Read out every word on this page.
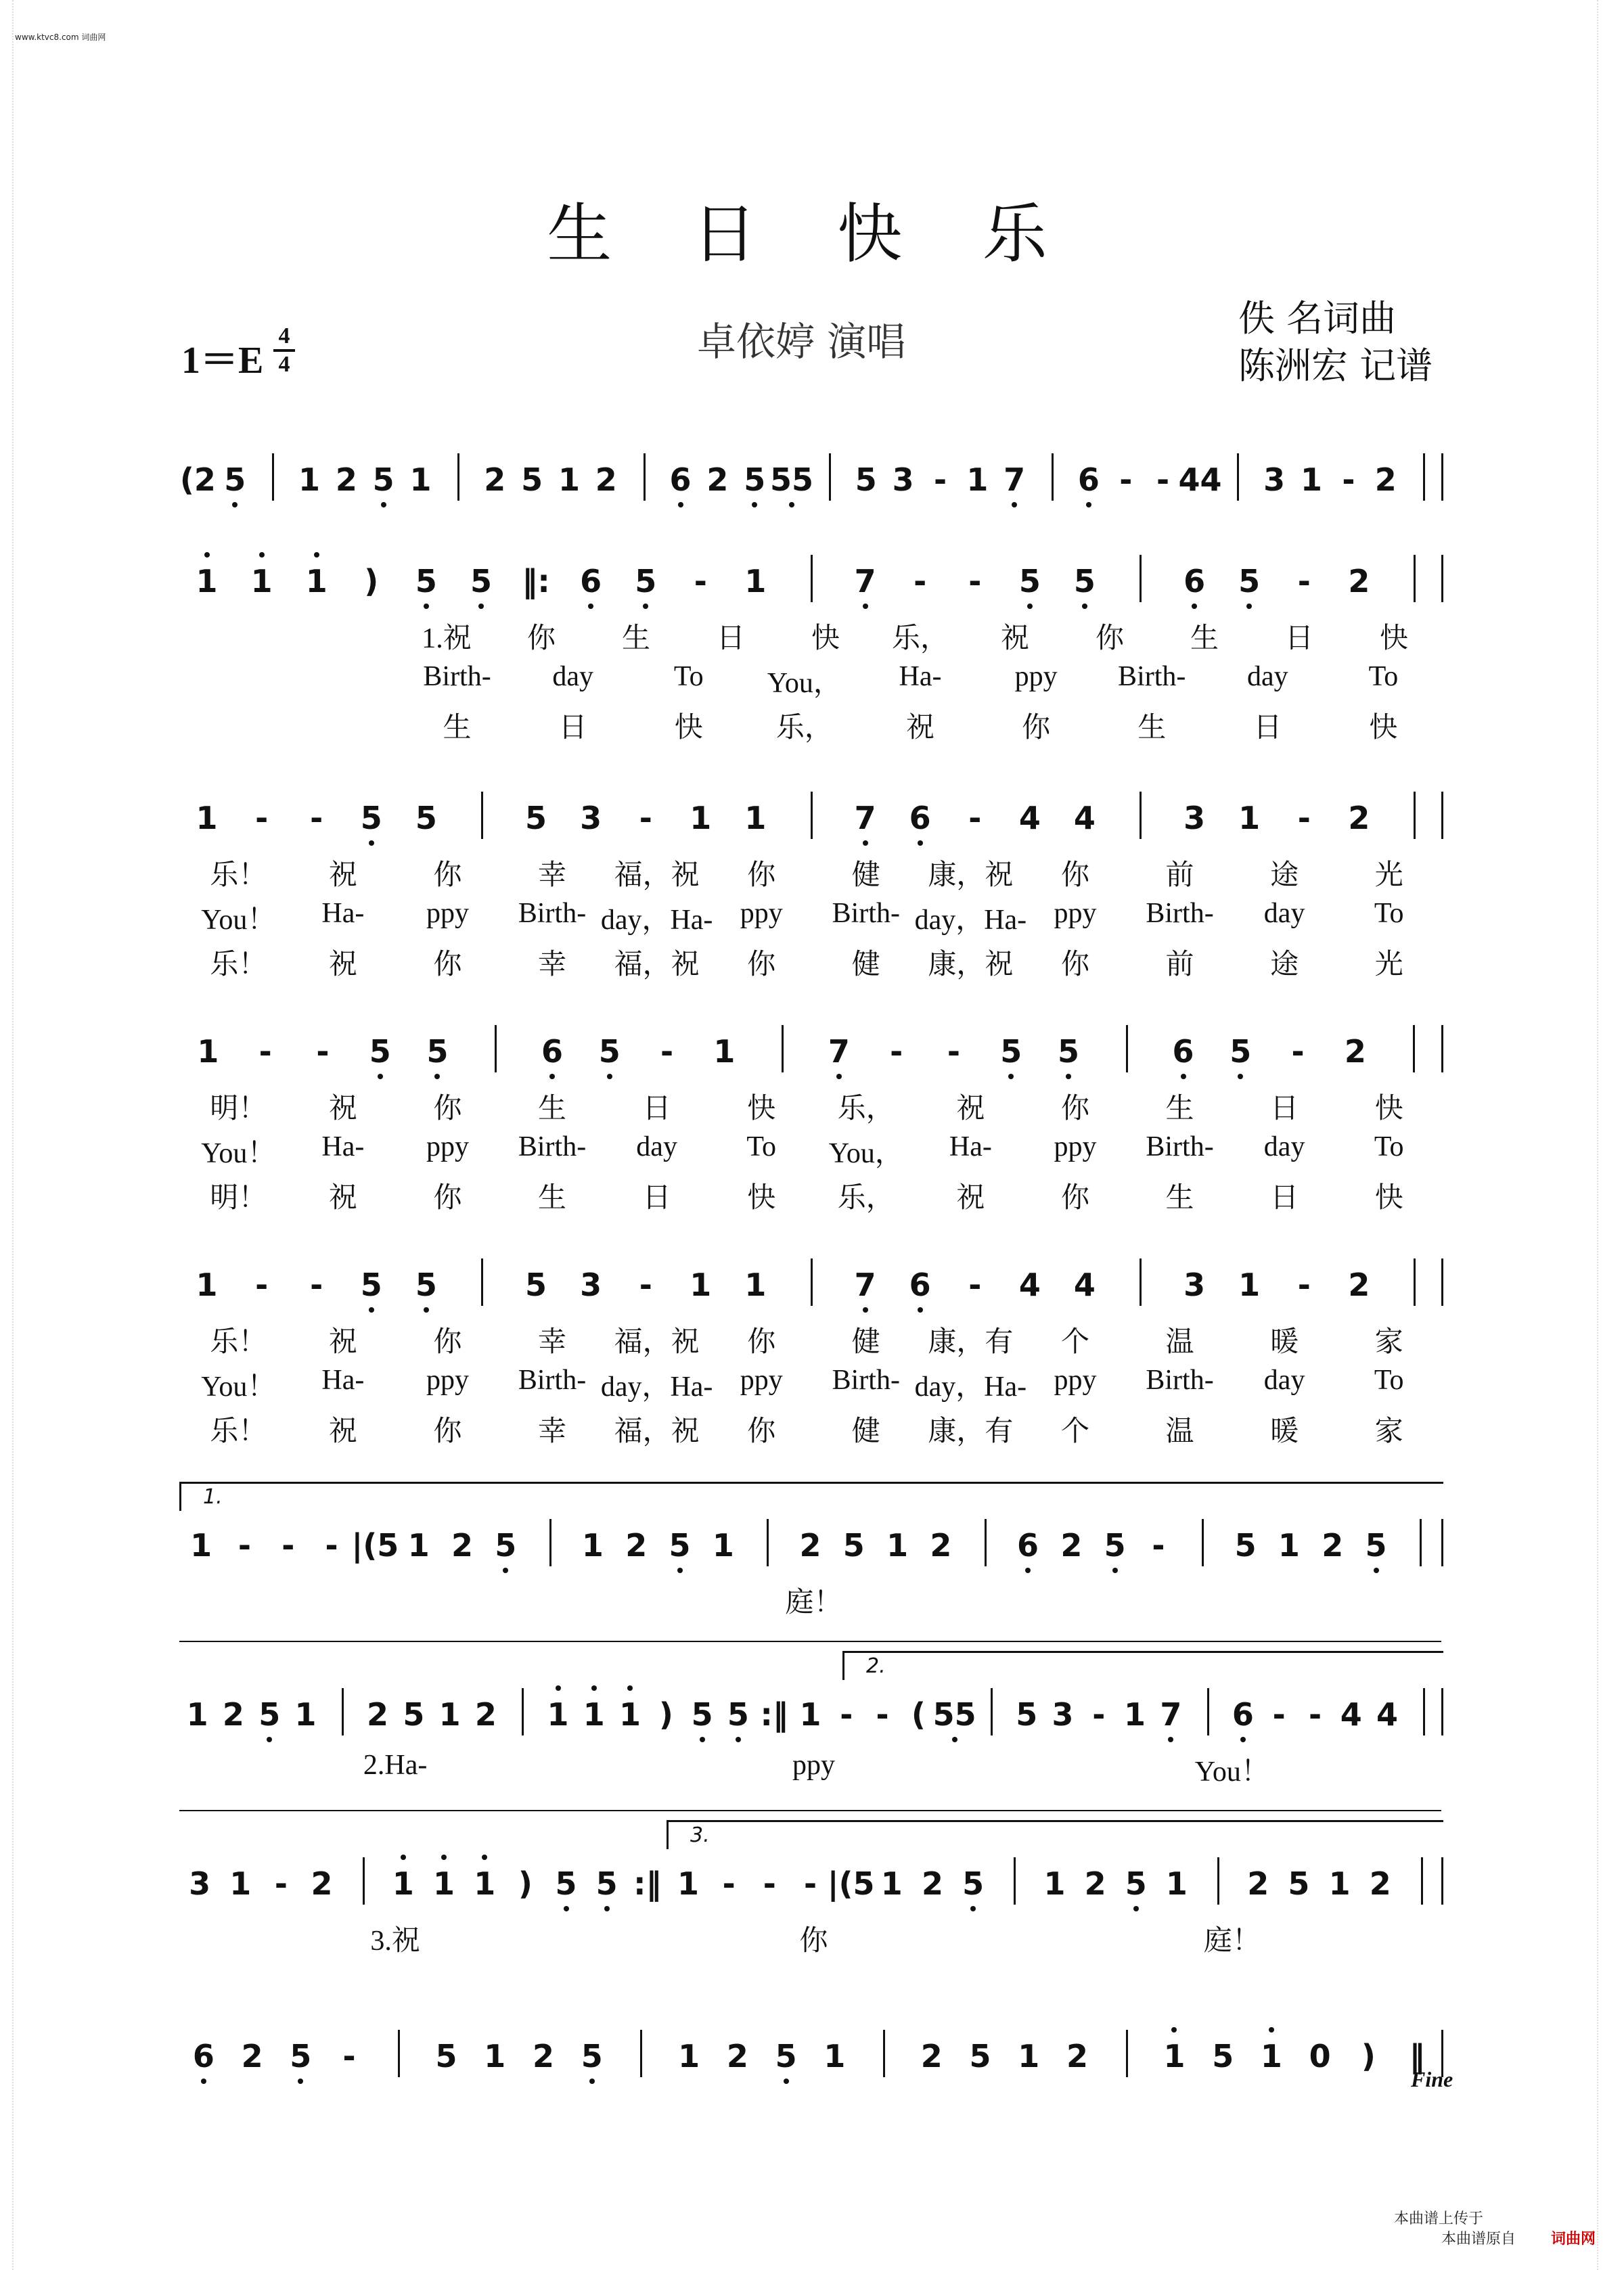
www.ktvc8.com 词曲网
生 日 快 乐
卓依婷 演唱
佚 名词曲
陈洲宏 记谱
1＝E
4
4
(2 5 1 2 5 1 2 5 1 2 6 2 5 55 5 3 - 1 7 6 - - 44 3 1 - 2
1 1 1 ) 5 5 ‖: 6 5 - 1	7 - - 5 5	6 5 - 2
1.祝 你 生 日 快 乐， 祝 你 生 日 快
Birth- day	To You， Ha-	ppy Birth- day	To
生	日	快	乐，	祝	你	生	日	快
1 - - 5 5	5 3 - 1 1	7 6 - 4 4	3 1 - 2
乐！ 祝	你	幸 福，祝 你	健 康，祝 你	前	途	光
You！ Ha- ppy Birth- day，Ha- ppy Birth- day，Ha- ppy Birth- day To
乐！ 祝	你	幸 福，祝 你	健 康，祝 你	前	途	光
1 - - 5 5	6 5 - 1	7 - - 5 5	6 5 - 2
明！ 祝	你	生	日	快 乐， 祝	你	生	日	快
You！ Ha- ppy Birth- day To You， Ha- ppy Birth- day To
明！ 祝	你	生	日	快 乐， 祝	你	生	日	快
1 - - 5 5	5 3 - 1 1	7 6 - 4 4	3 1 - 2
乐！ 祝	你	幸 福，祝 你	健 康，有 个	温	暖	家
You！ Ha- ppy Birth- day，Ha- ppy Birth- day，Ha- ppy Birth- day To
乐！ 祝	你	幸 福，祝 你	健 康，有 个	温	暖	家
1.
1 - - - |(5 1 2 5 1 2 5 1 2 5 1 2 6 2 5 - 5 1 2 5
庭！
2.
1 2 5 1 2 5 1 2 1 1 1 ) 5 5 :‖ 1 - - ( 55 5 3 - 1 7 6 - - 4 4
2.Ha-	ppy	You！
3.
3 1 - 2 1 1 1 ) 5 5 :‖ 1 - - - |(5 1 2 5 1 2 5 1 2 5 1 2
3.祝	你	庭！
6 2 5 -	5 1 2 5 1 2 5 1 2 5 1 2 1 5 1 0 ) ‖
Fine
本曲谱上传于
本曲谱原自 词曲网
